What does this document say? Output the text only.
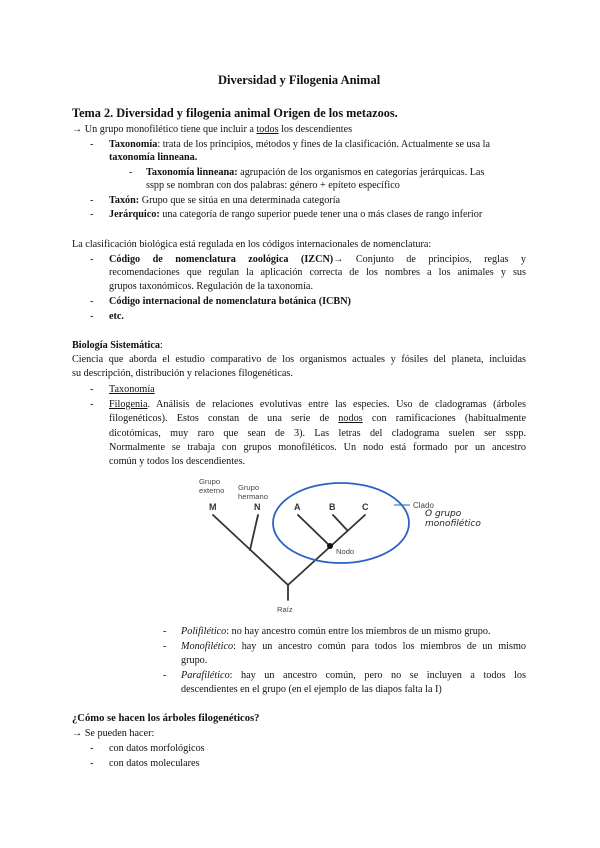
Diversidad y Filogenia Animal
Tema 2. Diversidad y filogenia animal Origen de los metazoos.
→ Un grupo monofilético tiene que incluir a todos los descendientes
- Taxonomía: trata de los principios, métodos y fines de la clasificación. Actualmente se usa la
taxonomía linneana.
- Taxonomía linneana: agrupación de los organismos en categorías jerárquicas. Las
sspp se nombran con dos palabras: género + epíteto específico
- Taxón: Grupo que se sitúa en una determinada categoría
- Jerárquico: una categoría de rango superior puede tener una o más clases de rango inferior
La clasificación biológica está regulada en los códigos internacionales de nomenclatura:
- Código de nomenclatura zoológica (IZCN)→ Conjunto de principios, reglas y
recomendaciones que regulan la aplicación correcta de los nombres a los animales y sus
grupos taxonómicos. Regulación de la taxonomía.
- Código internacional de nomenclatura botánica (ICBN)
- etc.
Biología Sistemática:
Ciencia que aborda el estudio comparativo de los organismos actuales y fósiles del planeta, incluidas
su descripción, distribución y relaciones filogenéticas.
- Taxonomía
- Filogenia. Análisis de relaciones evolutivas entre las especies. Uso de cladogramas (árboles
filogenéticos). Estos constan de una serie de nodos con ramificaciones (habitualmente
dicotómicas, muy raro que sean de 3). Las letras del cladograma suelen ser sspp.
Normalmente se trabaja con grupos monofiléticos. Un nodo está formado por un ancestro
común y todos los descendientes.
Grupo
externo Grupo
hermano
M	N	A	B	C	Clado
O grupo
monofilético
Nodo
Raíz
- Polifilético: no hay ancestro común entre los miembros de un mismo grupo.
- Monofilético: hay un ancestro común para todos los miembros de un mismo
grupo.
- Parafilético: hay un ancestro común, pero no se incluyen a todos los
descendientes en el grupo (en el ejemplo de las diapos falta la I)
¿Cómo se hacen los árboles filogenéticos?
→ Se pueden hacer:
- con datos morfológicos
- con datos moleculares
